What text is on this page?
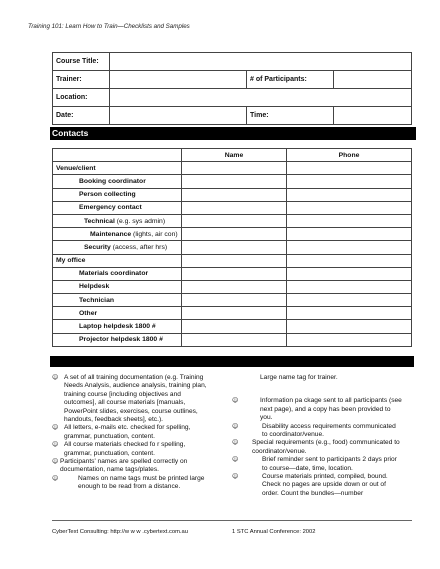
Training 101: Learn How to Train—Checklists and Samples
Course Title:			
Trainer:		# of Participants:	
Location:			
Date:		Time:	
Contacts
	Name	Phone
Venue/client		
Booking coordinator		
Person collecting		
Emergency contact		
Technical (e.g. sys admin)		
Maintenance (lights, air con)		
Security (access, after hrs)		
My office		
Materials coordinator		
Helpdesk		
Technician		
Other		
Laptop helpdesk 1800 #		
Projector helpdesk 1800 #		
☺ A set of all training documentation (e.g. Training Needs Analysis, audience analysis, training plan, training course [including objectives and outcomes], all course materials [manuals, PowerPoint slides, exercises, course outlines, handouts, feedback sheets], etc.).
☺ All letters, e-mails etc. checked for spelling, grammar, punctuation, content.
☺ All course materials checked fo r spelling, grammar, punctuation, content.
☺ Participants' names are spelled correctly on documentation, name tags/plates.
☺	Names on name tags must be printed large enough to be read from a distance.
Large name tag for trainer.
☺	Information pa ckage sent to all participants (see next page), and a copy has been provided to you.
☺	Disability access requirements communicated to coordinator/venue.
☺ Special requirements (e.g., food) communicated to coordinator/venue.
☺	Brief reminder sent to participants 2 days prior to course—date, time, location.
☺	Course materials printed, compiled, bound. Check no pages are upside down or out of order. Count the bundles—number
CyberText Consulting: http://w w w .cybertext.com.au	1 STC Annual Conference: 2002
